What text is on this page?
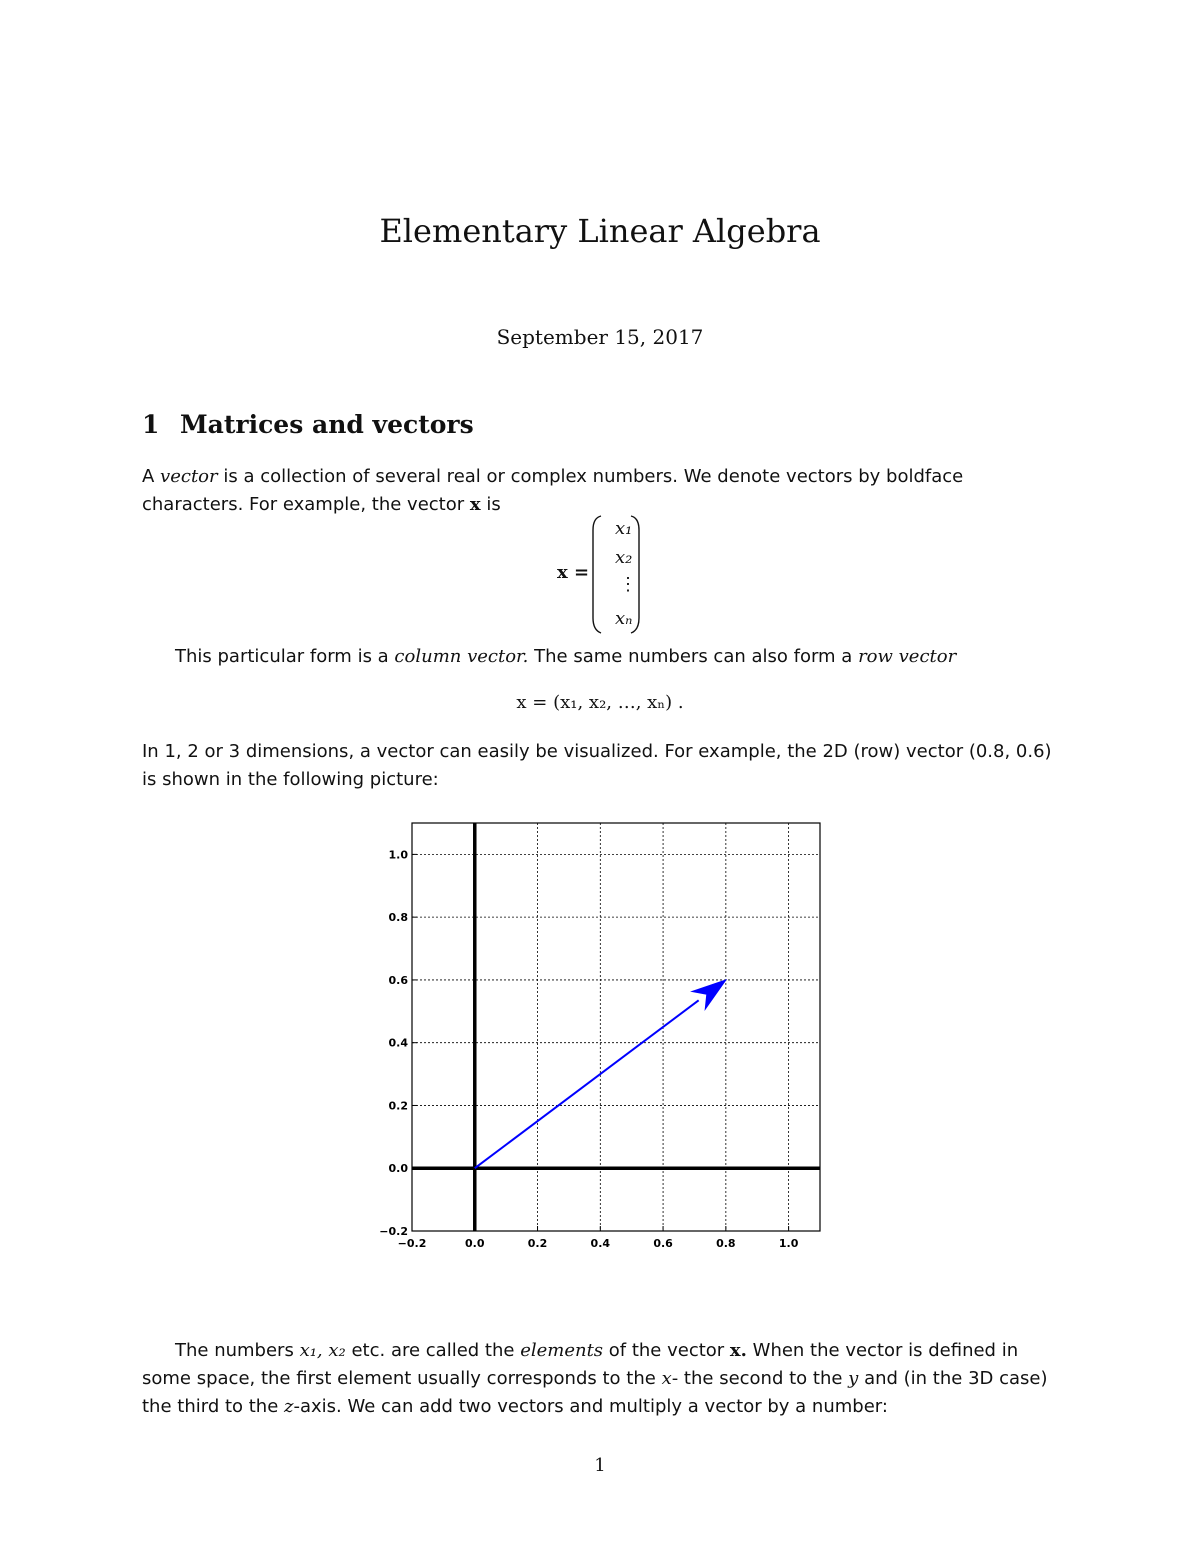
Elementary Linear Algebra
September 15, 2017
1 Matrices and vectors
A vector is a collection of several real or complex numbers. We denote vectors by boldface characters. For example, the vector x is
x =
x₁
x₂
⋮
xₙ
This particular form is a column vector. The same numbers can also form a row vector
x = (x₁, x₂, …, xₙ) .
In 1, 2 or 3 dimensions, a vector can easily be visualized. For example, the 2D (row) vector (0.8, 0.6) is shown in the following picture:
−0.2	0.0	0.2	0.4	0.6	0.8	1.0
−0.2
0.0
0.2
0.4
0.6
0.8
1.0
The numbers x₁, x₂ etc. are called the elements of the vector x. When the vector is defined in some space, the first element usually corresponds to the x- the second to the y and (in the 3D case) the third to the z-axis. We can add two vectors and multiply a vector by a number:
1
